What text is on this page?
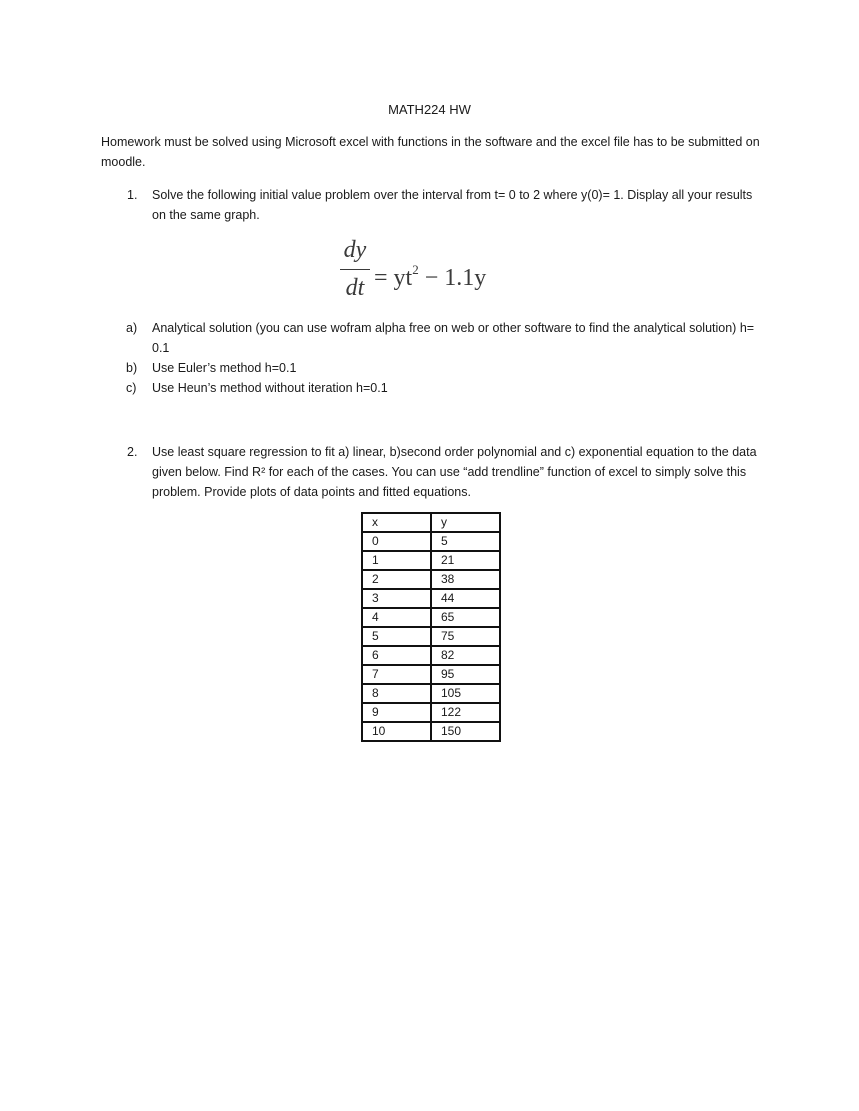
MATH224 HW
Homework must be solved using Microsoft excel with functions in the software and the excel file has to be submitted on moodle.
1. Solve the following initial value problem over the interval from t= 0 to 2 where y(0)= 1. Display all your results on the same graph.
dy
dt = $yt^2 - 1.1y$
a) Analytical solution (you can use wofram alpha free on web or other software to find the analytical solution) h= 0.1
b) Use Euler’s method h=0.1
c) Use Heun’s method without iteration h=0.1
2. Use least square regression to fit a) linear, b)second order polynomial and c) exponential equation to the data given below. Find R² for each of the cases. You can use “add trendline” function of excel to simply solve this problem. Provide plots of data points and fitted equations.
x	y
0	5
1	21
2	38
3	44
4	65
5	75
6	82
7	95
8	105
9	122
10	150
